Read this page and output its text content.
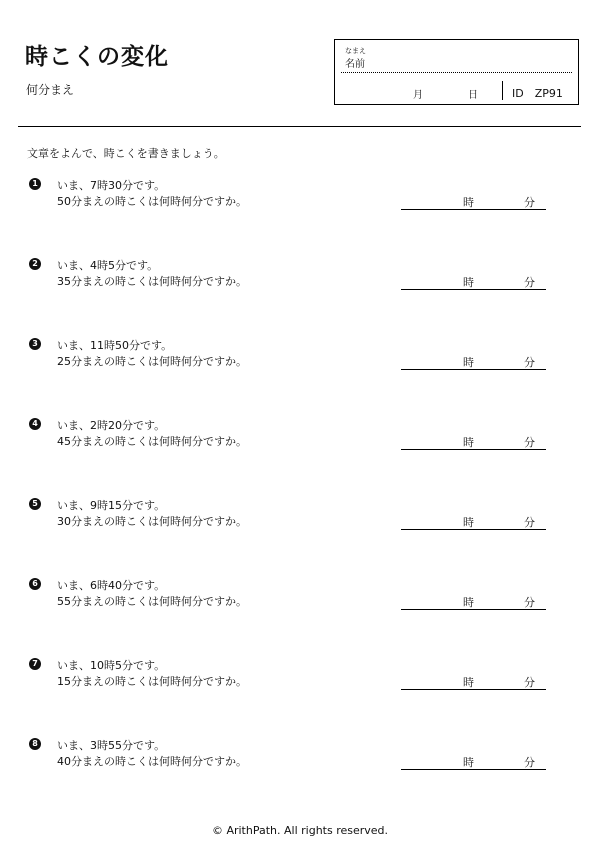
時こくの変化
何分まえ
なまえ
名前
月	日	ID　ZP91
文章をよんで、時こくを書きましょう。
1 いま、7時30分です。
50分まえの時こくは何時何分ですか。	時	分
2 いま、4時5分です。
35分まえの時こくは何時何分ですか。	時	分
3 いま、11時50分です。
25分まえの時こくは何時何分ですか。	時	分
4 いま、2時20分です。
45分まえの時こくは何時何分ですか。	時	分
5 いま、9時15分です。
30分まえの時こくは何時何分ですか。	時	分
6 いま、6時40分です。
55分まえの時こくは何時何分ですか。	時	分
7 いま、10時5分です。
15分まえの時こくは何時何分ですか。	時	分
8 いま、3時55分です。
40分まえの時こくは何時何分ですか。	時	分
© ArithPath. All rights reserved.
